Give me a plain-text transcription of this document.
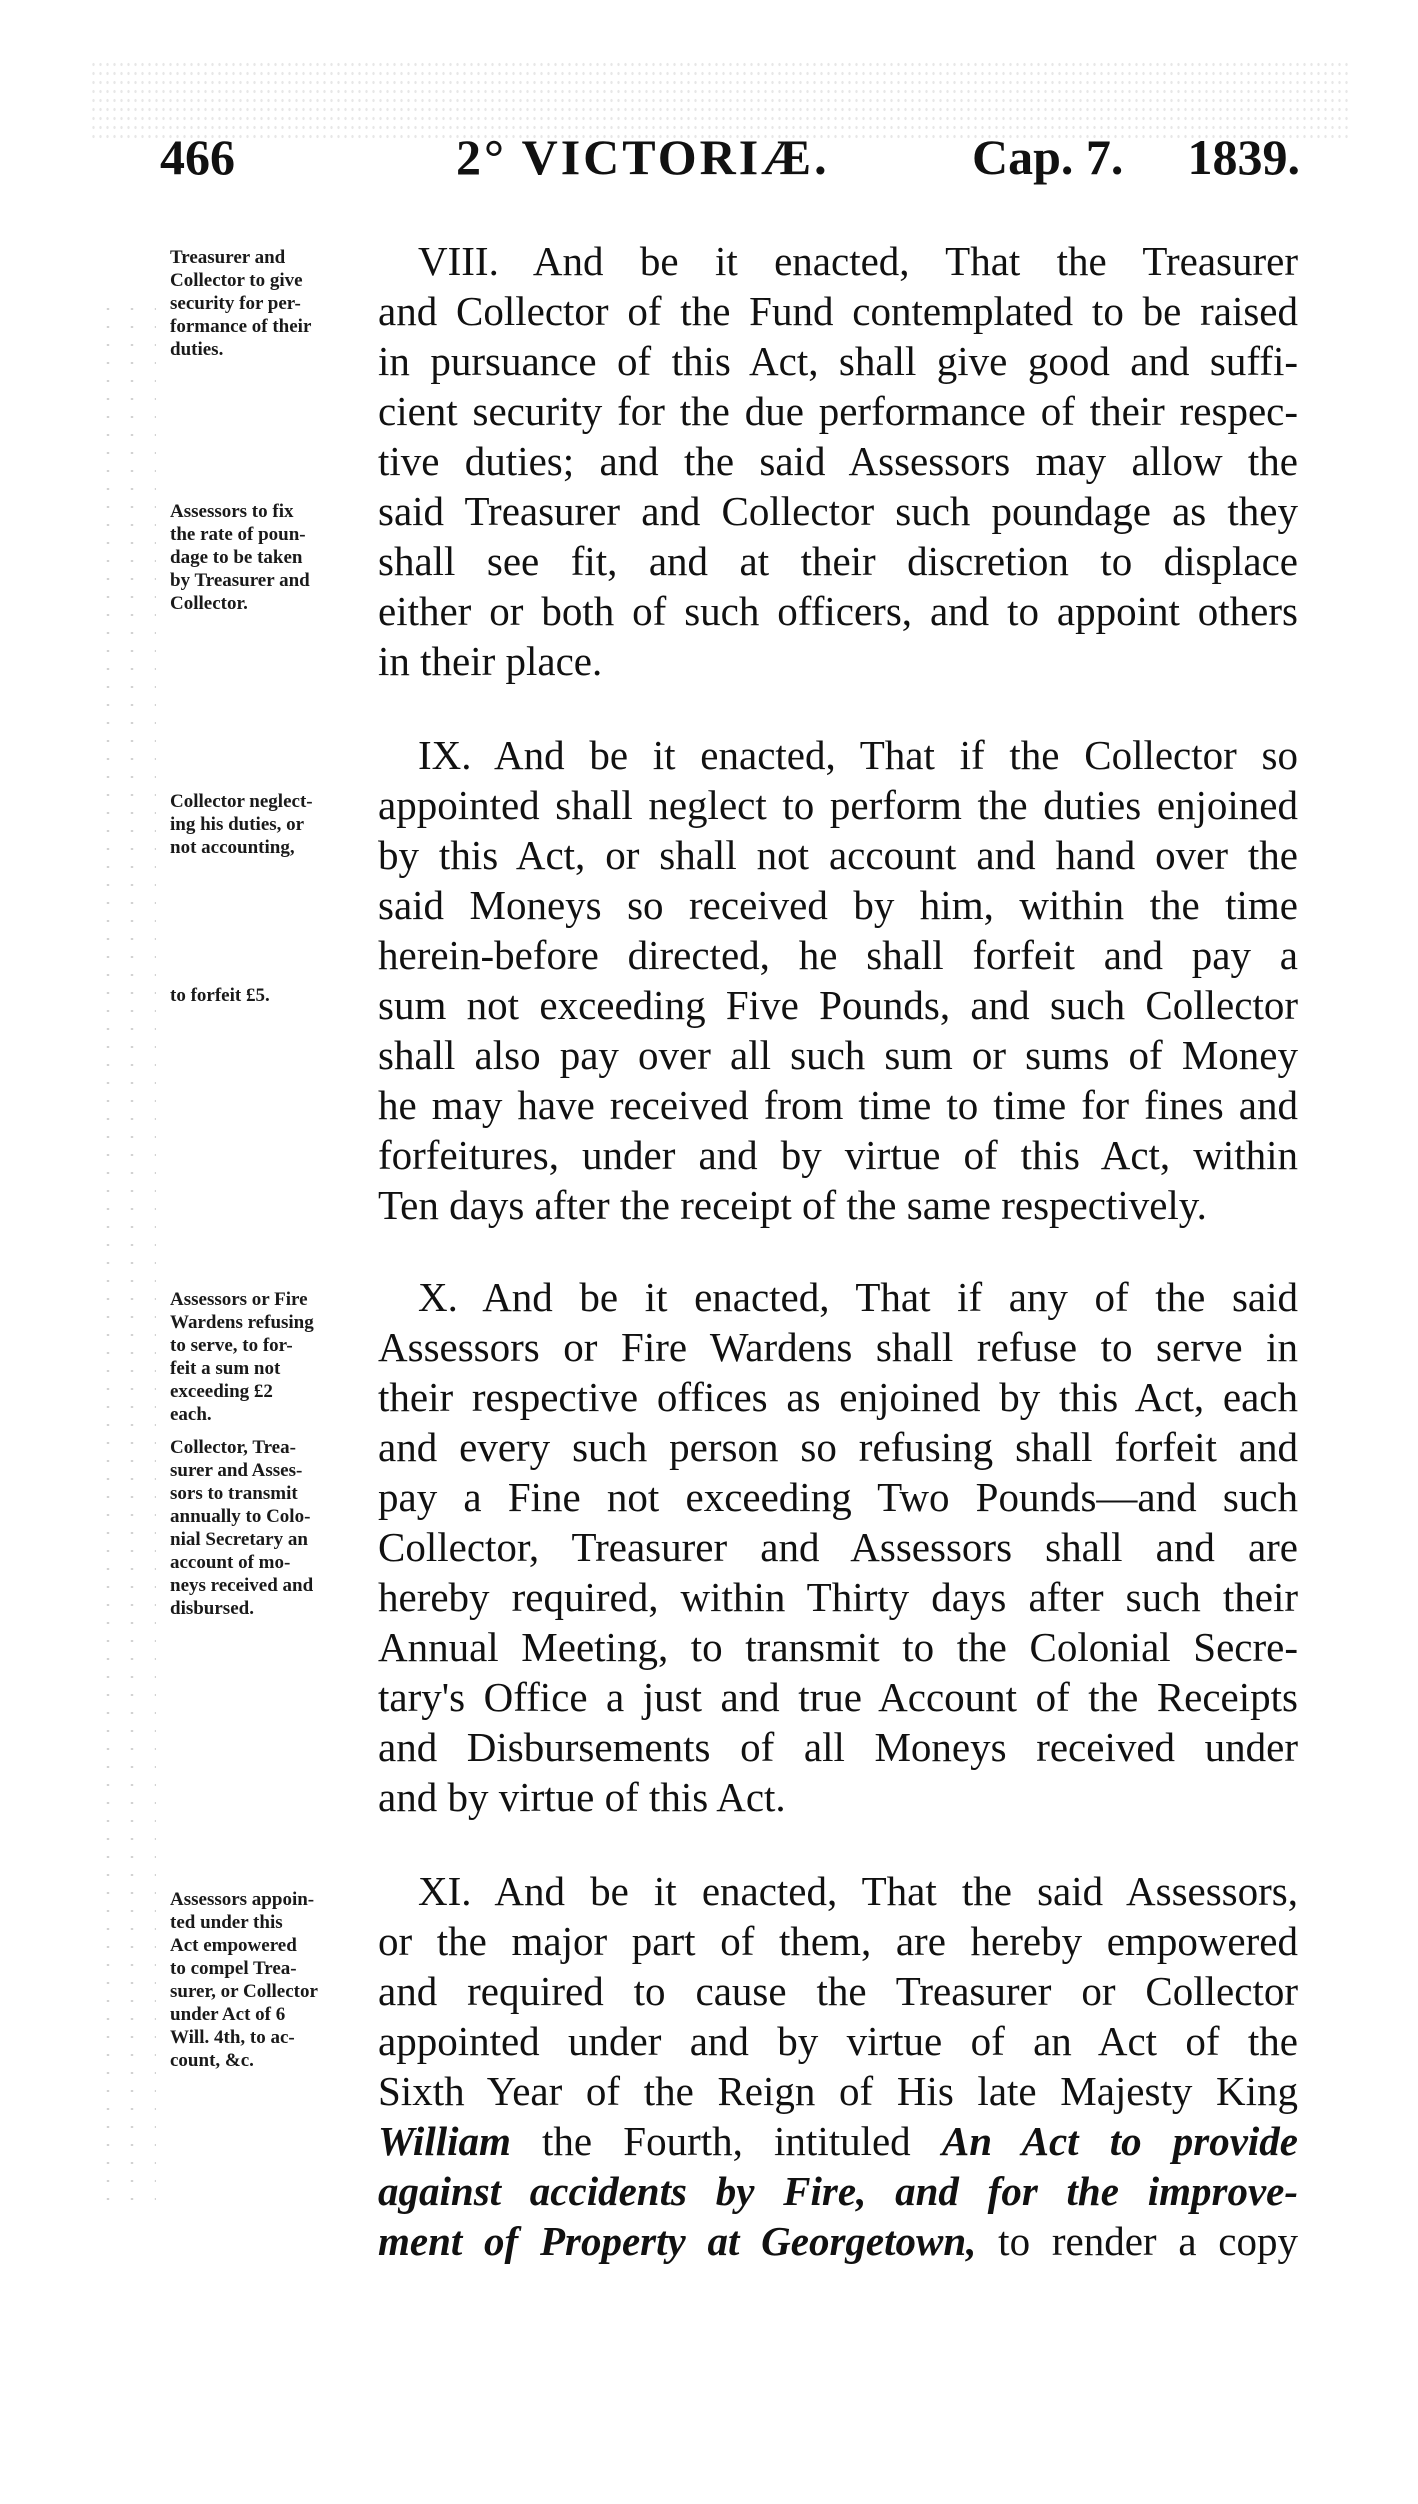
466	2° VICTORIÆ.	Cap. 7. 1839.
VIII. And be it enacted, That the Treasurer
and Collector of the Fund contemplated to be raised
in pursuance of this Act, shall give good and suffi-
cient security for the due performance of their respec-
tive duties; and the said Assessors may allow the
said Treasurer and Collector such poundage as they
shall see fit, and at their discretion to displace
either or both of such officers, and to appoint others
in their place.
IX. And be it enacted, That if the Collector so
appointed shall neglect to perform the duties enjoined
by this Act, or shall not account and hand over the
said Moneys so received by him, within the time
herein-before directed, he shall forfeit and pay a
sum not exceeding Five Pounds, and such Collector
shall also pay over all such sum or sums of Money
he may have received from time to time for fines and
forfeitures, under and by virtue of this Act, within
Ten days after the receipt of the same respectively.
X. And be it enacted, That if any of the said
Assessors or Fire Wardens shall refuse to serve in
their respective offices as enjoined by this Act, each
and every such person so refusing shall forfeit and
pay a Fine not exceeding Two Pounds—and such
Collector, Treasurer and Assessors shall and are
hereby required, within Thirty days after such their
Annual Meeting, to transmit to the Colonial Secre-
tary's Office a just and true Account of the Receipts
and Disbursements of all Moneys received under
and by virtue of this Act.
XI. And be it enacted, That the said Assessors,
or the major part of them, are hereby empowered
and required to cause the Treasurer or Collector
appointed under and by virtue of an Act of the
Sixth Year of the Reign of His late Majesty King
William the Fourth, intituled An Act to provide
against accidents by Fire, and for the improve-
ment of Property at Georgetown, to render a copy
Treasurer and
Collector to give
security for per-
formance of their
duties.
Assessors to fix
the rate of poun-
dage to be taken
by Treasurer and
Collector.
Collector neglect-
ing his duties, or
not accounting,
to forfeit £5.
Assessors or Fire
Wardens refusing
to serve, to for-
feit a sum not
exceeding £2
each.
Collector, Trea-
surer and Asses-
sors to transmit
annually to Colo-
nial Secretary an
account of mo-
neys received and
disbursed.
Assessors appoin-
ted under this
Act empowered
to compel Trea-
surer, or Collector
under Act of 6
Will. 4th, to ac-
count, &c.
